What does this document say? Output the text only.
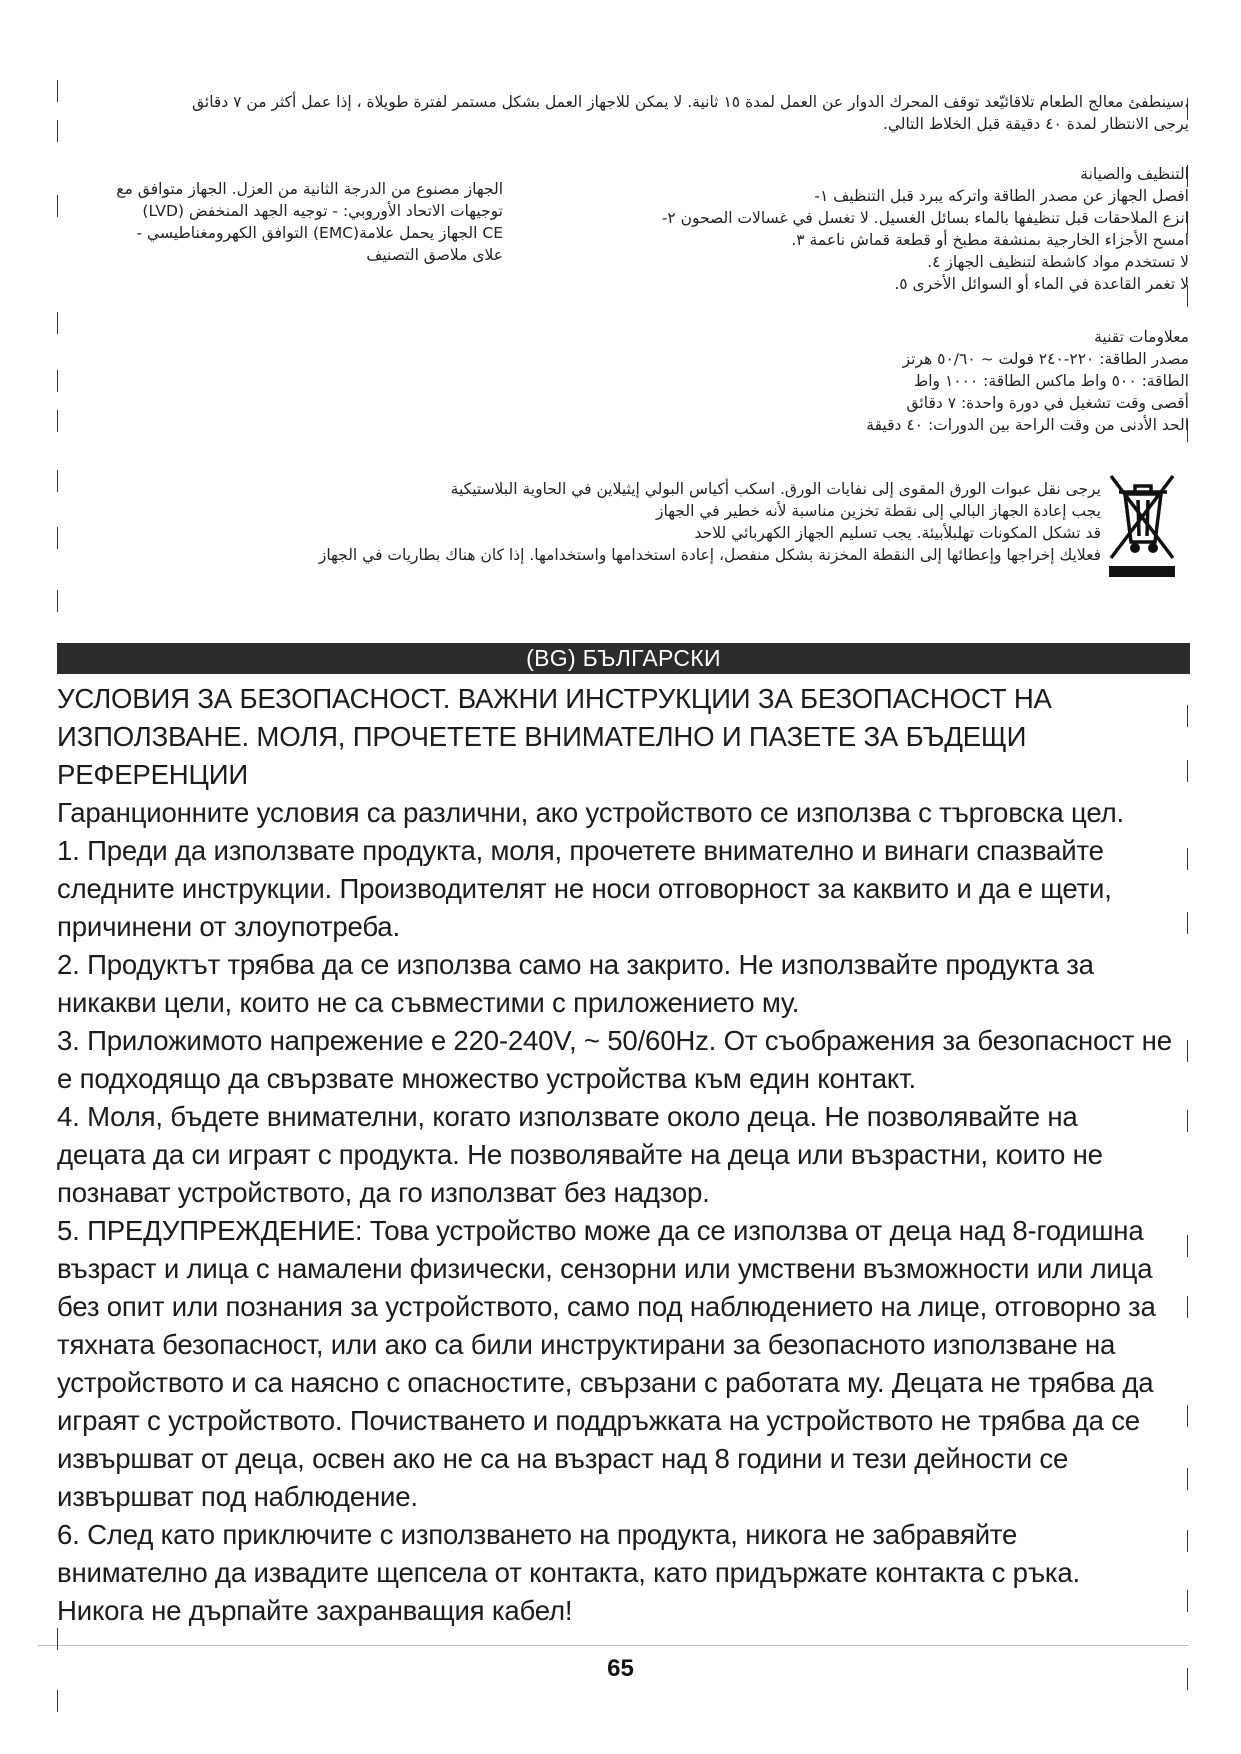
،سينطفئ معالج الطعام تلاقائيّعد توقف المحرك الدوار عن العمل لمدة ١٥ ثانية. لا يمكن للاجهاز العمل بشكل مستمر لفترة طويلاة ، إذا عمل أكثر من ٧ دقائق
يرجى الانتظار لمدة ٤٠ دقيقة قبل الخلاط التالي.
التنظيف والصيانة
افصل الجهاز عن مصدر الطاقة واتركه يبرد قبل التنظيف ١-
انزع الملاحقات قبل تنظيفها بالماء بسائل الغسيل. لا تغسل في غسالات الصحون ٢-
امسح الأجزاء الخارجية بمنشفة مطبخ أو قطعة قماش ناعمة ٣.
لا تستخدم مواد كاشطة لتنظيف الجهاز ٤.
لا تغمر القاعدة في الماء أو السوائل الأخرى ٥.
الجهاز مصنوع من الدرجة الثانية من العزل. الجهاز متوافق مع
توجيهات الاتحاد الأوروبي: - توجيه الجهد المنخفض (LVD)
CE الجهاز يحمل علامة(EMC) التوافق الكهرومغناطيسي -
علاى ملاصق التصنيف
معلاومات تقنية
مصدر الطاقة: ٢٢٠-٢٤٠ فولت ~ ٥٠/٦٠ هرتز
الطاقة: ٥٠٠ واط ماكس الطاقة: ١٠٠٠ واط
أقصى وقت تشغيل في دورة واحدة: ٧ دقائق
الحد الأدنى من وقت الراحة بين الدورات: ٤٠ دقيقة
يرجى نقل عبوات الورق المقوى إلى نفايات الورق. اسكب أكياس البولي إيثيلاين في الحاوية البلاستيكية
يجب إعادة الجهاز البالي إلى نقطة تخزين مناسبة لأنه خطير في الجهاز
قد تشكل المكونات تهلبلأبيئة. يجب تسليم الجهاز الكهربائي للاحد
فعلايك إخراجها وإعطائها إلى النقطة المخزنة بشكل منفصل، إعادة استخدامها واستخدامها. إذا كان هناك بطاريات في الجهاز
(BG) БЪЛГАРСКИ
УСЛОВИЯ ЗА БЕЗОПАСНОСТ. ВАЖНИ ИНСТРУКЦИИ ЗА БЕЗОПАСНОСТ НА
ИЗПОЛЗВАНЕ. МОЛЯ, ПРОЧЕТЕТЕ ВНИМАТЕЛНО И ПАЗЕТЕ ЗА БЪДЕЩИ
РЕФЕРЕНЦИИ
Гаранционните условия са различни, ако устройството се използва с търговска цел.
1. Преди да използвате продукта, моля, прочетете внимателно и винаги спазвайте
следните инструкции. Производителят не носи отговорност за каквито и да е щети,
причинени от злоупотреба.
2. Продуктът трябва да се използва само на закрито. Не използвайте продукта за
никакви цели, които не са съвместими с приложението му.
3. Приложимото напрежение е 220-240V, ~ 50/60Hz. От съображения за безопасност не
е подходящо да свързвате множество устройства към един контакт.
4. Моля, бъдете внимателни, когато използвате около деца. Не позволявайте на
децата да си играят с продукта. Не позволявайте на деца или възрастни, които не
познават устройството, да го използват без надзор.
5. ПРЕДУПРЕЖДЕНИЕ: Това устройство може да се използва от деца над 8-годишна
възраст и лица с намалени физически, сензорни или умствени възможности или лица
без опит или познания за устройството, само под наблюдението на лице, отговорно за
тяхната безопасност, или ако са били инструктирани за безопасното използване на
устройството и са наясно с опасностите, свързани с работата му. Децата не трябва да
играят с устройството. Почистването и поддръжката на устройството не трябва да се
извършват от деца, освен ако не са на възраст над 8 години и тези дейности се
извършват под наблюдение.
6. След като приключите с използването на продукта, никога не забравяйте
внимателно да извадите щепсела от контакта, като придържате контакта с ръка.
Никога не дърпайте захранващия кабел!
65
